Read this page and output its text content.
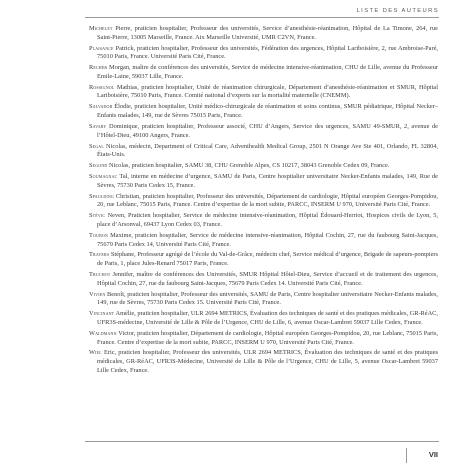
LISTE DES AUTEURS

Michelet Pierre, praticien hospitalier, Professeur des universités, Service d’anesthésie-réanimation, Hôpital de La Timone, 264, rue Saint-Pierre, 13005 Marseille, France. Aix Marseille Université, UMR C2VN, France.

Plaisance Patrick, praticien hospitalier, Professeur des universités, Fédération des urgences, Hôpital Lariboisière, 2, rue Ambroise-Paré, 75010 Paris, France. Université Paris Cité, France.

Recher Morgan, maître de conférences des universités, Service de médecine intensive-réanimation, CHU de Lille, avenue du Professeur Emile-Laine, 59037 Lille, France.

Rossignol Mathias, praticien hospitalier, Unité de réanimation chirurgicale, Département d’anesthésie-réanimation et SMUR, Hôpital Lariboisière, 75010 Paris, France. Comité national d’experts sur la mortalité maternelle (CNEMM).

Salvador Élodie, praticien hospitalier, Unité médico-chirurgicale de réanimation et soins continus, SMUR pédiatrique, Hôpital Necker–Enfants malades, 149, rue de Sèvres 75015 Paris, France.

Savary Dominique, praticien hospitalier, Professeur associé, CHU d’Angers, Service des urgences, SAMU 49-SMUR, 2, avenue de l’Hôtel-Dieu, 49100 Angers, France.

Segal Nicolas, médecin, Department of Critical Care, Adventhealth Medical Group, 2501 N Orange Ave Ste 401, Orlando, FL 32804, États-Unis.

Segond Nicolas, praticien hospitalier, SAMU 38, CHU Grenoble Alpes, CS 10217, 38043 Grenoble Cedex 09, France.

Soumagnac Tal, interne en médecine d’urgence, SAMU de Paris, Centre hospitalier universitaire Necker-Enfants malades, 149, Rue de Sèvres, 75730 Paris Cedex 15, France.

Spaulding Christian, praticien hospitalier, Professeur des universités, Département de cardiologie, Hôpital européen Georges-Pompidou, 20, rue Leblanc, 75015 Paris, France. Centre d’expertise de la mort subite, PARCC, INSERM U 970, Université Paris Cité, France.

Stévic Neven, Praticien hospitalier, Service de médecine intensive-réanimation, Hôpital Édouard-Herriot, Hospices civils de Lyon, 5, place d’Arsonval, 69437 Lyon Cedex 03, France.

Toubon Maxime, praticien hospitalier, Service de médecine intensive-réanimation, Hôpital Cochin, 27, rue du faubourg Saint-Jacques, 75679 Paris Cedex 14, Université Paris Cité, France.

Travers Stéphane, Professeur agrégé de l’école du Val-de-Grâce, médecin chef, Service médical d’urgence, Brigade de sapeurs-pompiers de Paris, 1, place Jules-Renard 75017 Paris, France.

Truchot Jennifer, maître de conférences des Universités, SMUR Hôpital Hôtel-Dieu, Service d’accueil et de traitement des urgences, Hôpital Cochin, 27, rue du faubourg Saint-Jacques, 75679 Paris Cedex 14. Université Paris Cité, France.

Vivien Benoît, praticien hospitalier, Professeur des universités, SAMU de Paris, Centre hospitalier universitaire Necker-Enfants malades, 149, rue de Sèvres, 75730 Paris Cedex 15. Université Paris Cité, France.

Vincinant Amélie, praticien hospitalier, ULR 2694 METRICS, Évaluation des techniques de santé et des pratiques médicales, GR-RéAC, UFR3S-médecine, Université de Lille & Pôle de l’Urgence, CHU de Lille, 6, avenue Oscar-Lambret 59037 Lille Cedex, France.

Waldmann Victor, praticien hospitalier, Département de cardiologie, Hôpital européen Georges-Pompidou, 20, rue Leblanc, 75015 Paris, France. Centre d’expertise de la mort subite, PARCC, INSERM U 970, Université Paris Cité, France.

Wiel Eric, praticien hospitalier, Professeur des universités, ULR 2694 METRICS, Évaluation des techniques de santé et des pratiques médicales, GR-RéAC, UFR3S-Médecine, Université de Lille & Pôle de l’Urgence, CHU de Lille, 5, avenue Oscar-Lambret 59037 Lille Cedex, France.

VII
